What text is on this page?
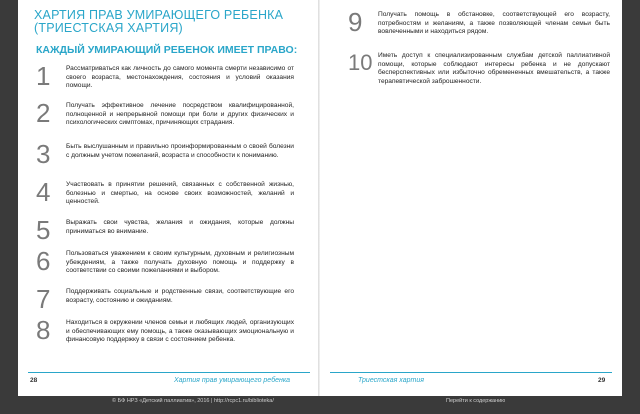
ХАРТИЯ ПРАВ УМИРАЮЩЕГО РЕБЕНКА (ТРИЕСТСКАЯ ХАРТИЯ)
КАЖДЫЙ УМИРАЮЩИЙ РЕБЕНОК ИМЕЕТ ПРАВО:
1	Рассматриваться как личность до самого момента смерти независимо от своего возраста, местонахождения, состояния и условий оказания помощи.
2	Получать эффективное лечение посредством квалифицированной, полноценной и непрерывной помощи при боли и других физических и психологических симптомах, причиняющих страдания.
3	Быть выслушанным и правильно проинформированным о своей болезни с должным учетом пожеланий, возраста и способности к пониманию.
4	Участвовать в принятии решений, связанных с собственной жизнью, болезнью и смертью, на основе своих возможностей, желаний и ценностей.
5	Выражать свои чувства, желания и ожидания, которые должны приниматься во внимание.
6	Пользоваться уважением к своим культурным, духовным и религиозным убеждениям, а также получать духовную помощь и поддержку в соответствии со своими пожеланиями и выбором.
7	Поддерживать социальные и родственные связи, соответствующие его возрасту, состоянию и ожиданиям.
8	Находиться в окружении членов семьи и любящих людей, организующих и обеспечивающих ему помощь, а также оказывающих эмоциональную и финансовую поддержку в связи с состоянием ребенка.
28	Хартия прав умирающего ребенка
9	Получать помощь в обстановке, соответствующей его возрасту, потребностям и желаниям, а также позволяющей членам семьи быть вовлеченными и находиться рядом.
10 Иметь доступ к специализированным службам детской паллиативной помощи, которые соблюдают интересы ребенка и не допускают бесперспективных или избыточно обремененных вмешательств, а также терапевтической заброшенности.
Триестская хартия	29
© БФ НРЗ «Детский паллиатив», 2016 | http://rcpc1.ru/biblioteka/	Перейти к содержанию
